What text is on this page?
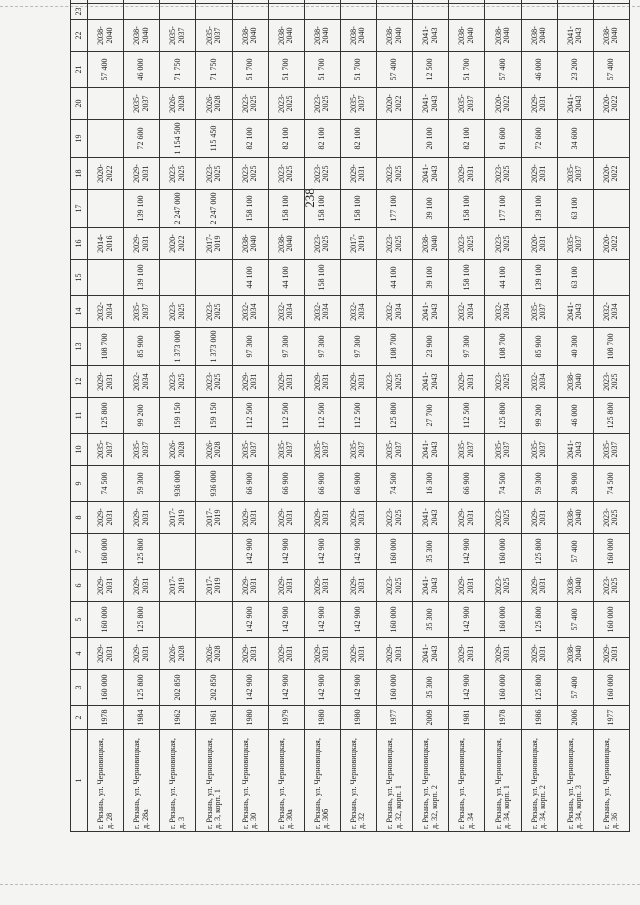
238
1	2	3	4	5	6	7	8	9	10	11	12	13	14	15	16	17	18	19	20	21	22	23	
г. Рязань, ул. Черновицкая, д. 28	1978	160 000	2029-2031	160 000	2029-2031	160 000	2029-2031	74 500	2035-2037	125 800	2029-2031	108 700	2032-2034		2014-2016		2020-2022			57 400	2038-2040		
г. Рязань, ул. Черновицкая, д. 28а	1984	125 800	2029-2031	125 800	2029-2031	125 800	2029-2031	59 300	2035-2037	99 200	2032-2034	85 900	2035-2037	139 100	2029-2031	139 100	2029-2031	72 600	2035-2037	46 000	2038-2040		
г. Рязань, ул. Черновицкая, д. 3	1962	202 850	2026-2028		2017-2019		2017-2019	936 000	2026-2028	159 150	2023-2025	1 373 000	2023-2025		2020-2022	2 247 000	2023-2025	1 154 500	2026-2028	71 750	2035-2037		
г. Рязань, ул. Черновицкая, д. 3, корп. 1	1961	202 850	2026-2028		2017-2019		2017-2019	936 000	2026-2028	159 150	2023-2025	1 373 000	2023-2025		2017-2019	2 247 000	2023-2025	115 450	2026-2028	71 750	2035-2037		
г. Рязань, ул. Черновицкая, д. 30	1980	142 900	2029-2031	142 900	2029-2031	142 900	2029-2031	66 900	2035-2037	112 500	2029-2031	97 300	2032-2034	44 100	2038-2040	158 100	2023-2025	82 100	2023-2025	51 700	2038-2040		
г. Рязань, ул. Черновицкая, д. 30а	1979	142 900	2029-2031	142 900	2029-2031	142 900	2029-2031	66 900	2035-2037	112 500	2029-2031	97 300	2032-2034	44 100	2038-2040	158 100	2023-2025	82 100	2023-2025	51 700	2038-2040		
г. Рязань, ул. Черновицкая, д. 30б	1980	142 900	2029-2031	142 900	2029-2031	142 900	2029-2031	66 900	2035-2037	112 500	2029-2031	97 300	2032-2034	158 100	2023-2025	158 100	2023-2025	82 100	2023-2025	51 700	2038-2040		
г. Рязань, ул. Черновицкая, д. 32	1980	142 900	2029-2031	142 900	2029-2031	142 900	2029-2031	66 900	2035-2037	112 500	2029-2031	97 300	2032-2034		2017-2019	158 100	2029-2031	82 100	2035-2037	51 700	2038-2040		
г. Рязань, ул. Черновицкая, д. 32, корп. 1	1977	160 000	2029-2031	160 000	2023-2025	160 000	2023-2025	74 500	2035-2037	125 800	2023-2025	108 700	2032-2034	44 100	2023-2025	177 100	2023-2025		2020-2022	57 400	2038-2040		
г. Рязань, ул. Черновицкая, д. 32, корп. 2	2009	35 300	2041-2043	35 300	2041-2043	35 300	2041-2043	16 300	2041-2043	27 700	2041-2043	23 900	2041-2043	39 100	2038-2040	39 100	2041-2043	20 100	2041-2043	12 500	2041-2043		
г. Рязань, ул. Черновицкая, д. 34	1981	142 900	2029-2031	142 900	2029-2031	142 900	2029-2031	66 900	2035-2037	112 500	2029-2031	97 300	2032-2034	158 100	2023-2025	158 100	2029-2031	82 100	2035-2037	51 700	2038-2040		
г. Рязань, ул. Черновицкая, д. 34, корп. 1	1978	160 000	2029-2031	160 000	2023-2025	160 000	2023-2025	74 500	2035-2037	125 800	2023-2025	108 700	2032-2034	44 100	2023-2025	177 100	2023-2025	91 600	2020-2022	57 400	2038-2040		
г. Рязань, ул. Черновицкая, д. 34, корп. 2	1986	125 800	2029-2031	125 800	2029-2031	125 800	2029-2031	59 300	2035-2037	99 200	2032-2034	85 900	2035-2037	139 100	2020-2031	139 100	2029-2031	72 600	2029-2031	46 000	2038-2040		
г. Рязань, ул. Черновицкая, д. 34, корп. 3	2006	57 400	2038-2040	57 400	2038-2040	57 400	2038-2040	28 900	2041-2043	46 000	2038-2040	40 300	2041-2043	63 100	2035-2037	63 100	2035-2037	34 600	2041-2043	23 200	2041-2043		
г. Рязань, ул. Черновицкая, д. 36	1977	160 000	2029-2031	160 000	2023-2025	160 000	2023-2025	74 500	2035-2037	125 800	2023-2025	108 700	2032-2034		2020-2022		2020-2022		2020-2022	57 400	2038-2040		
